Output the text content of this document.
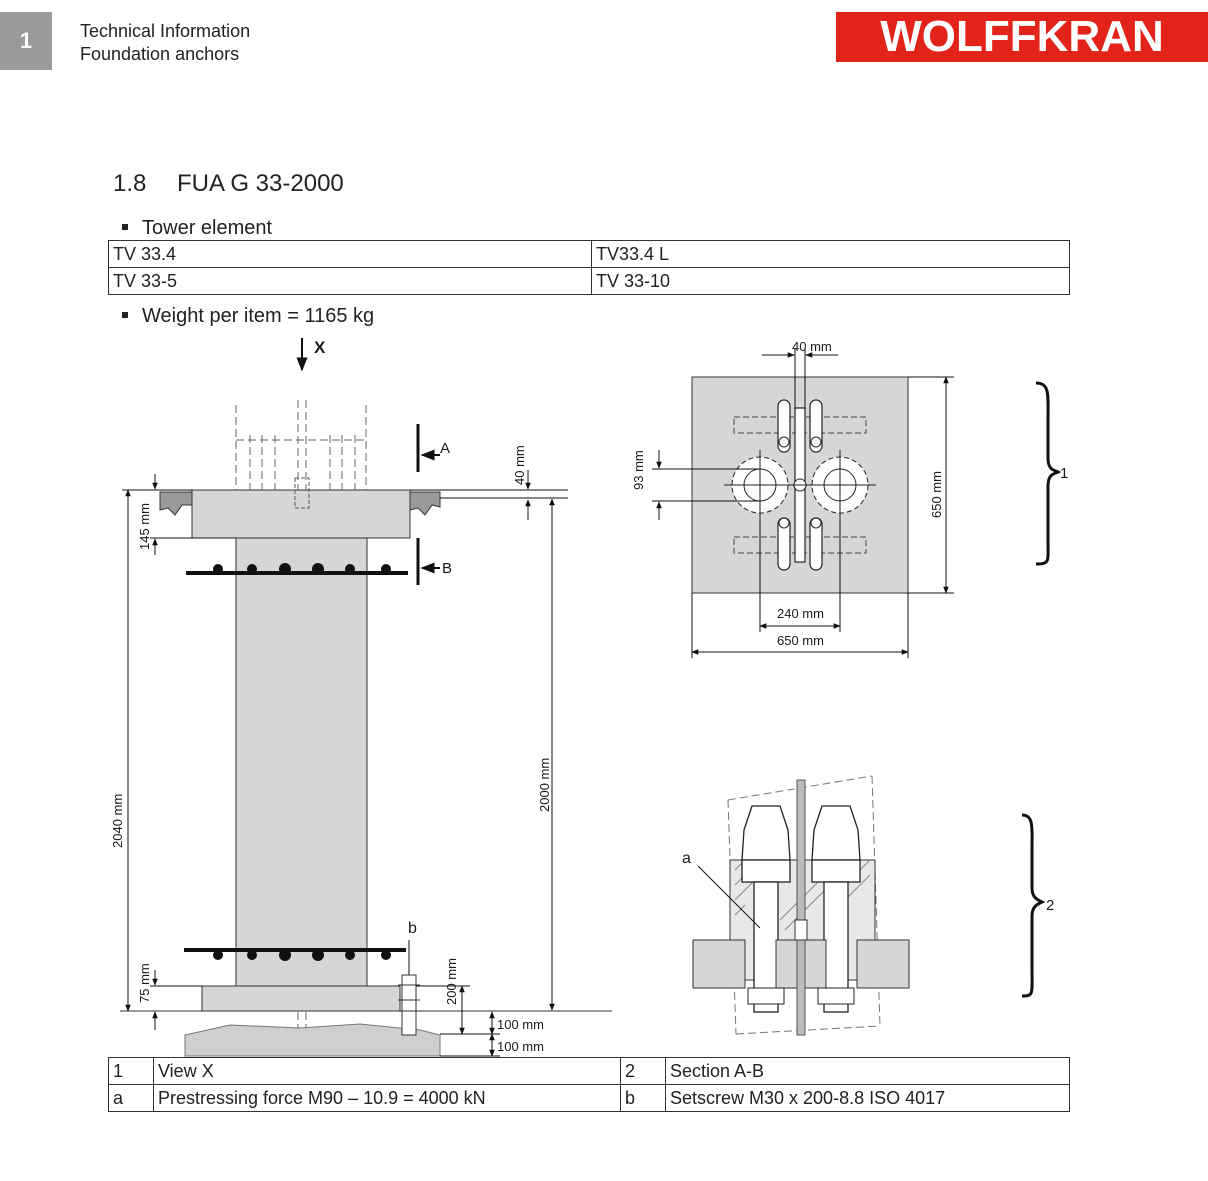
1	Technical Information
Foundation anchors	WOLFFKRAN
1.8 FUA G 33-2000
Tower element
TV 33.4	TV33.4 L
TV 33-5	TV 33-10
Weight per item = 1165 kg
X
b
A
B
2040 mm
145 mm
75 mm
40 mm
2000 mm
200 mm
100 mm
100 mm
40 mm
93 mm
650 mm
240 mm
650 mm
1
a
2
1	View X	2	Section A-B
a	Prestressing force M90 – 10.9 = 4000 kN	b	Setscrew M30 x 200-8.8 ISO 4017
